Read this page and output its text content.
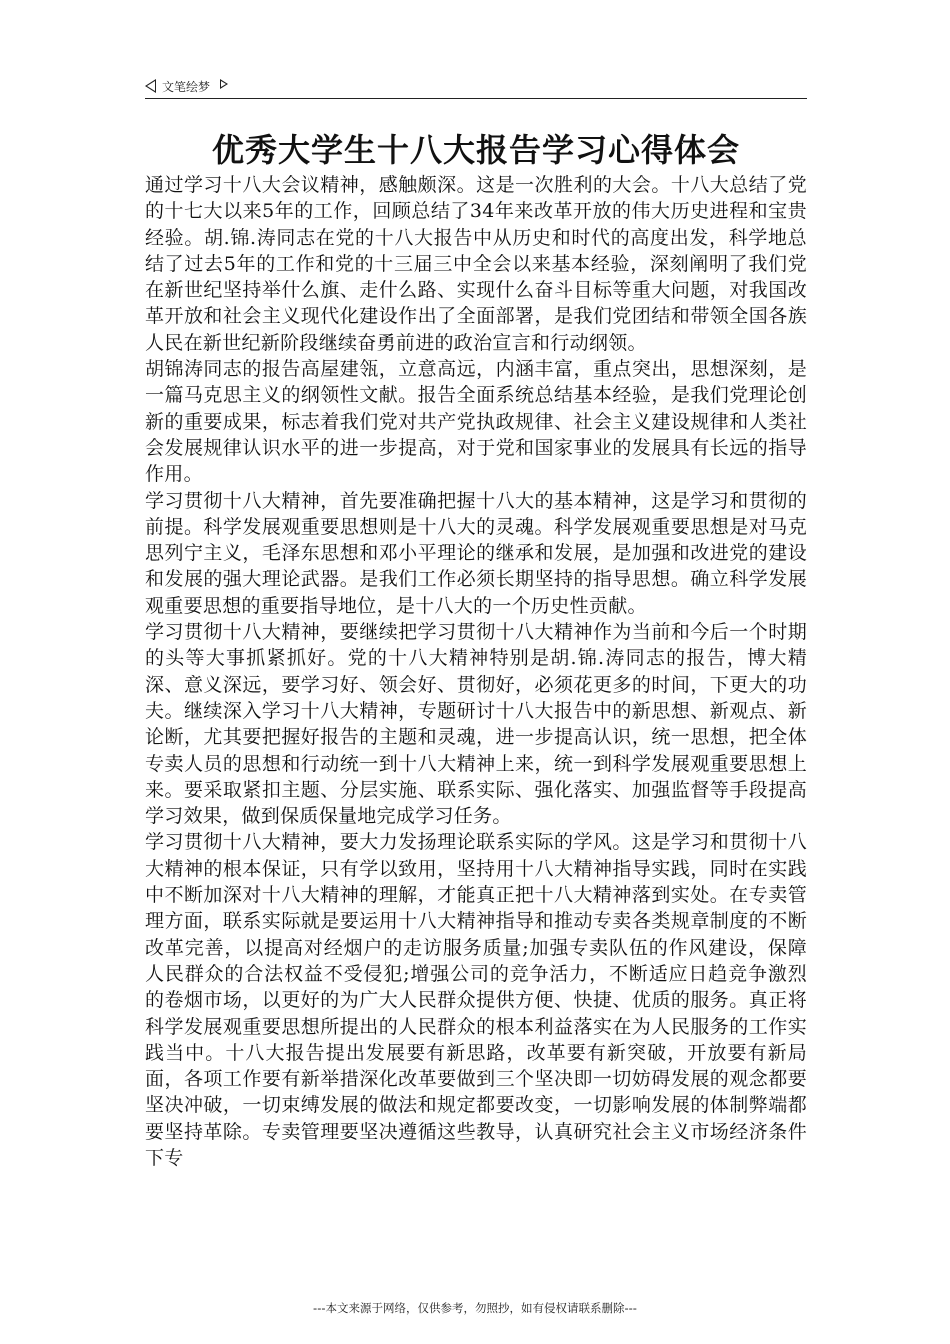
文笔绘梦
优秀大学生十八大报告学习心得体会

通过学习十八大会议精神，感触颇深。这是一次胜利的大会。十八大总结了党的十七大以来5年的工作，回顾总结了34年来改革开放的伟大历史进程和宝贵经验。胡.锦.涛同志在党的十八大报告中从历史和时代的高度出发，科学地总结了过去5年的工作和党的十三届三中全会以来基本经验，深刻阐明了我们党在新世纪坚持举什么旗、走什么路、实现什么奋斗目标等重大问题，对我国改革开放和社会主义现代化建设作出了全面部署，是我们党团结和带领全国各族人民在新世纪新阶段继续奋勇前进的政治宣言和行动纲领。

胡锦涛同志的报告高屋建瓴，立意高远，内涵丰富，重点突出，思想深刻，是一篇马克思主义的纲领性文献。报告全面系统总结基本经验，是我们党理论创新的重要成果，标志着我们党对共产党执政规律、社会主义建设规律和人类社会发展规律认识水平的进一步提高，对于党和国家事业的发展具有长远的指导作用。

学习贯彻十八大精神，首先要准确把握十八大的基本精神，这是学习和贯彻的前提。科学发展观重要思想则是十八大的灵魂。科学发展观重要思想是对马克思列宁主义，毛泽东思想和邓小平理论的继承和发展，是加强和改进党的建设和发展的强大理论武器。是我们工作必须长期坚持的指导思想。确立科学发展观重要思想的重要指导地位，是十八大的一个历史性贡献。

学习贯彻十八大精神，要继续把学习贯彻十八大精神作为当前和今后一个时期的头等大事抓紧抓好。党的十八大精神特别是胡.锦.涛同志的报告，博大精深、意义深远，要学习好、领会好、贯彻好，必须花更多的时间，下更大的功夫。继续深入学习十八大精神，专题研讨十八大报告中的新思想、新观点、新论断，尤其要把握好报告的主题和灵魂，进一步提高认识，统一思想，把全体专卖人员的思想和行动统一到十八大精神上来，统一到科学发展观重要思想上来。要采取紧扣主题、分层实施、联系实际、强化落实、加强监督等手段提高学习效果，做到保质保量地完成学习任务。

学习贯彻十八大精神，要大力发扬理论联系实际的学风。这是学习和贯彻十八大精神的根本保证，只有学以致用，坚持用十八大精神指导实践，同时在实践中不断加深对十八大精神的理解，才能真正把十八大精神落到实处。在专卖管理方面，联系实际就是要运用十八大精神指导和推动专卖各类规章制度的不断改革完善，以提高对经烟户的走访服务质量;加强专卖队伍的作风建设，保障人民群众的合法权益不受侵犯;增强公司的竞争活力，不断适应日趋竞争激烈的卷烟市场，以更好的为广大人民群众提供方便、快捷、优质的服务。真正将科学发展观重要思想所提出的人民群众的根本利益落实在为人民服务的工作实践当中。十八大报告提出发展要有新思路，改革要有新突破，开放要有新局面，各项工作要有新举措深化改革要做到三个坚决即一切妨碍发展的观念都要坚决冲破，一切束缚发展的做法和规定都要改变，一切影响发展的体制弊端都要坚持革除。专卖管理要坚决遵循这些教导，认真研究社会主义市场经济条件下专

---本文来源于网络，仅供参考，勿照抄，如有侵权请联系删除---
